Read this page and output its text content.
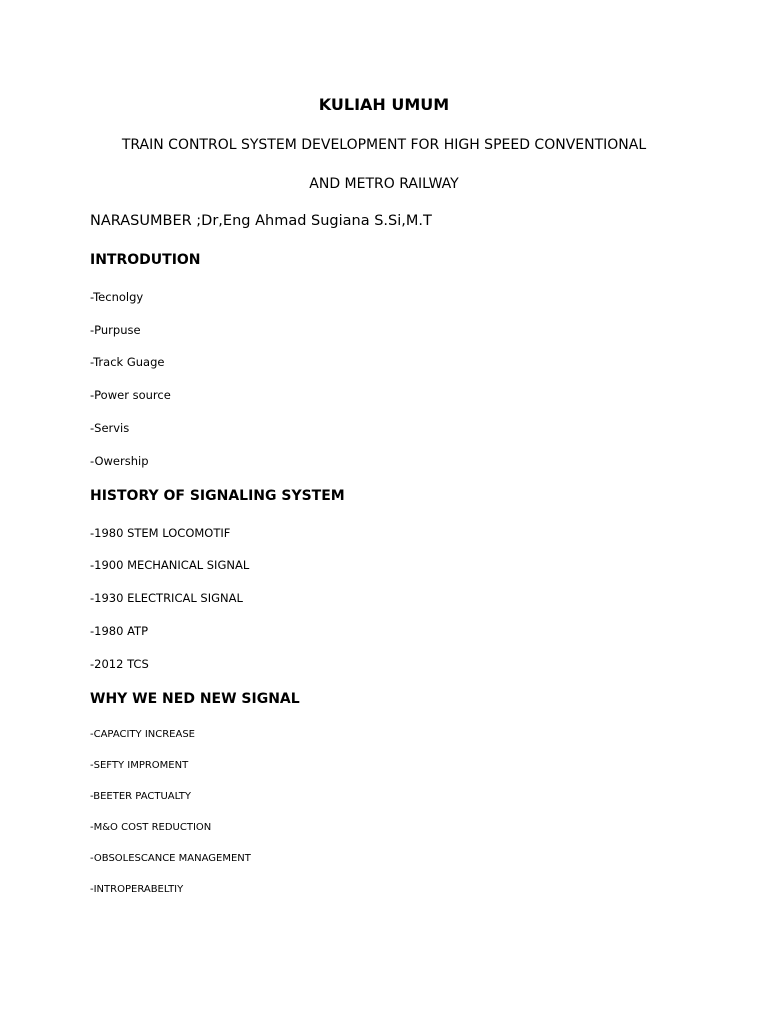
KULIAH UMUM
TRAIN CONTROL SYSTEM DEVELOPMENT FOR HIGH SPEED CONVENTIONAL
AND METRO RAILWAY
NARASUMBER ;Dr,Eng Ahmad Sugiana S.Si,M.T
INTRODUTION
-Tecnolgy
-Purpuse
-Track Guage
-Power source
-Servis
-Owership
HISTORY OF SIGNALING SYSTEM
-1980 STEM LOCOMOTIF
-1900 MECHANICAL SIGNAL
-1930 ELECTRICAL SIGNAL
-1980 ATP
-2012 TCS
WHY WE NED NEW SIGNAL
-CAPACITY INCREASE
-SEFTY IMPROMENT
-BEETER PACTUALTY
-M&O COST REDUCTION
-OBSOLESCANCE MANAGEMENT
-INTROPERABELTIY
